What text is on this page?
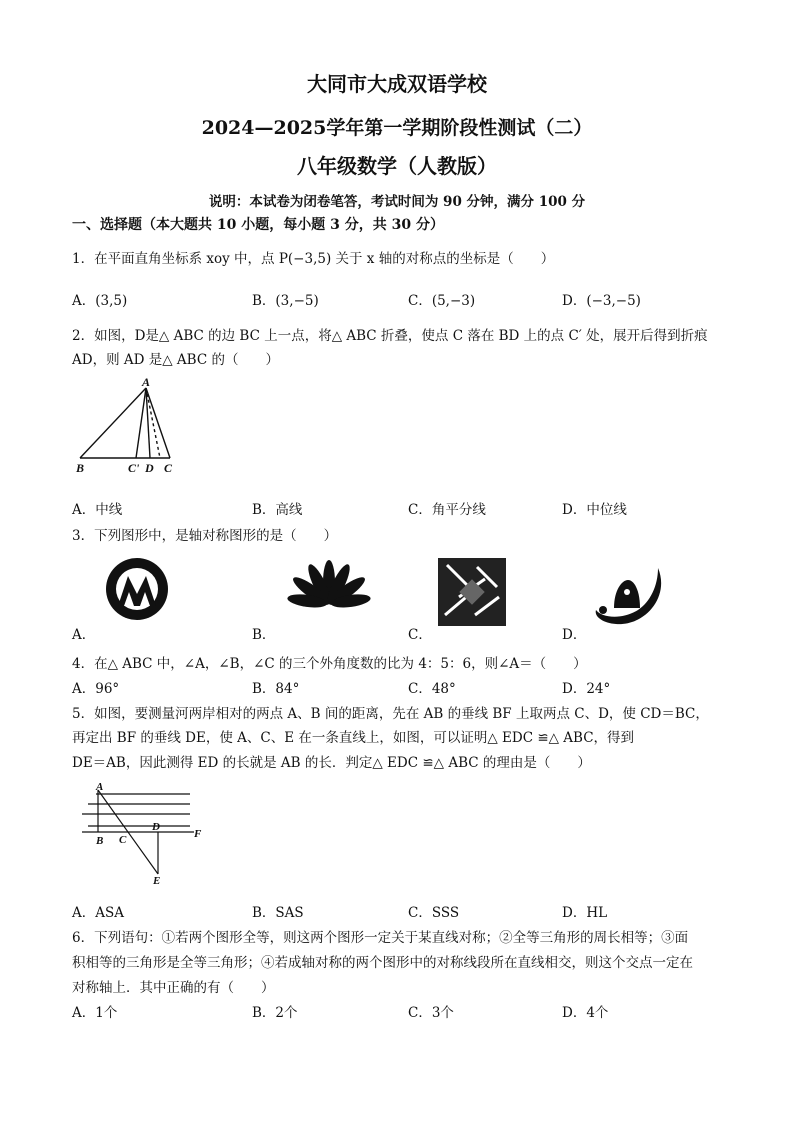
大同市大成双语学校
2024—2025学年第一学期阶段性测试（二）
八年级数学（人教版）
说明：本试卷为闭卷笔答，考试时间为 90 分钟，满分 100 分
一、选择题（本大题共 10 小题，每小题 3 分，共 30 分）
1．在平面直角坐标系 xoy 中，点 P(−3,5) 关于 x 轴的对称点的坐标是（　　）
A．(3,5)	B．(3,−5)	C．(5,−3)	D．(−3,−5)
2．如图，D是△ ABC 的边 BC 上一点，将△ ABC 折叠，使点 C 落在 BD 上的点 C′ 处，展开后得到折痕
AD，则 AD 是△ ABC 的（　　）
A
B	C' D C
A．中线	B．高线	C．角平分线	D．中位线
3．下列图形中，是轴对称图形的是（　　）
A．	B．	C．	D．
4．在△ ABC 中，∠A，∠B，∠C 的三个外角度数的比为 4：5：6，则∠A＝（　　）
A．96°	B．84°	C．48°	D．24°
5．如图，要测量河两岸相对的两点 A、B 间的距离，先在 AB 的垂线 BF 上取两点 C、D，使 CD＝BC，
再定出 BF 的垂线 DE，使 A、C、E 在一条直线上，如图，可以证明△ EDC ≌△ ABC，得到
DE＝AB，因此测得 ED 的长就是 AB 的长．判定△ EDC ≌△ ABC 的理由是（　　）
A
B C
D
F
E
A．ASA	B．SAS	C．SSS	D．HL
6．下列语句：①若两个图形全等，则这两个图形一定关于某直线对称；②全等三角形的周长相等；③面
积相等的三角形是全等三角形；④若成轴对称的两个图形中的对称线段所在直线相交，则这个交点一定在
对称轴上．其中正确的有（　　）
A．1个	B．2个	C．3个	D．4个
